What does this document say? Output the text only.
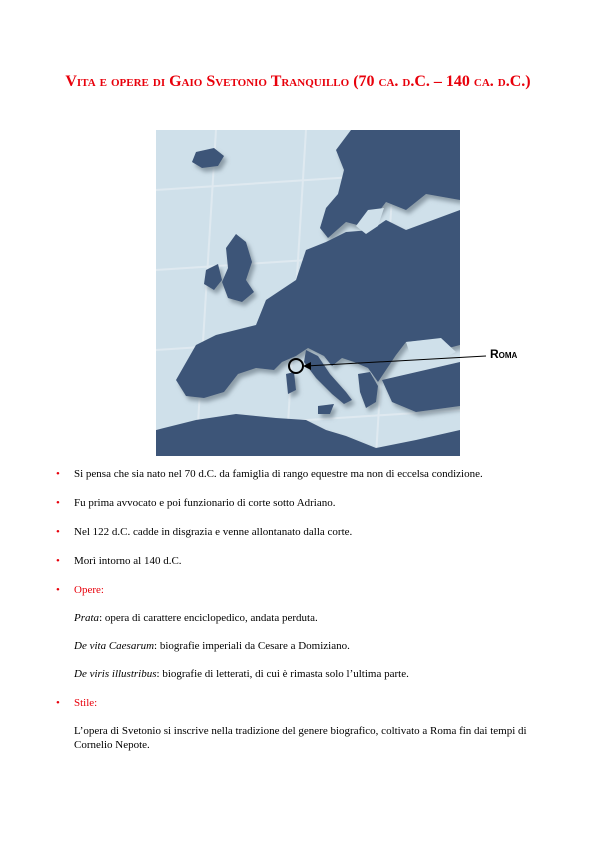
Vita e opere di Gaio Svetonio Tranquillo (70 ca. d.C. – 140 ca. d.C.)
Roma
• Si pensa che sia nato nel 70 d.C. da famiglia di rango equestre ma non di eccelsa condizione.
• Fu prima avvocato e poi funzionario di corte sotto Adriano.
• Nel 122 d.C. cadde in disgrazia e venne allontanato dalla corte.
• Morì intorno al 140 d.C.
• Opere:

Prata: opera di carattere enciclopedico, andata perduta.

De vita Caesarum: biografie imperiali da Cesare a Domiziano.

De viris illustribus: biografie di letterati, di cui è rimasta solo l’ultima parte.

• Stile:

L’opera di Svetonio si inscrive nella tradizione del genere biografico, coltivato a Roma fin dai tempi di Cornelio Nepote.
